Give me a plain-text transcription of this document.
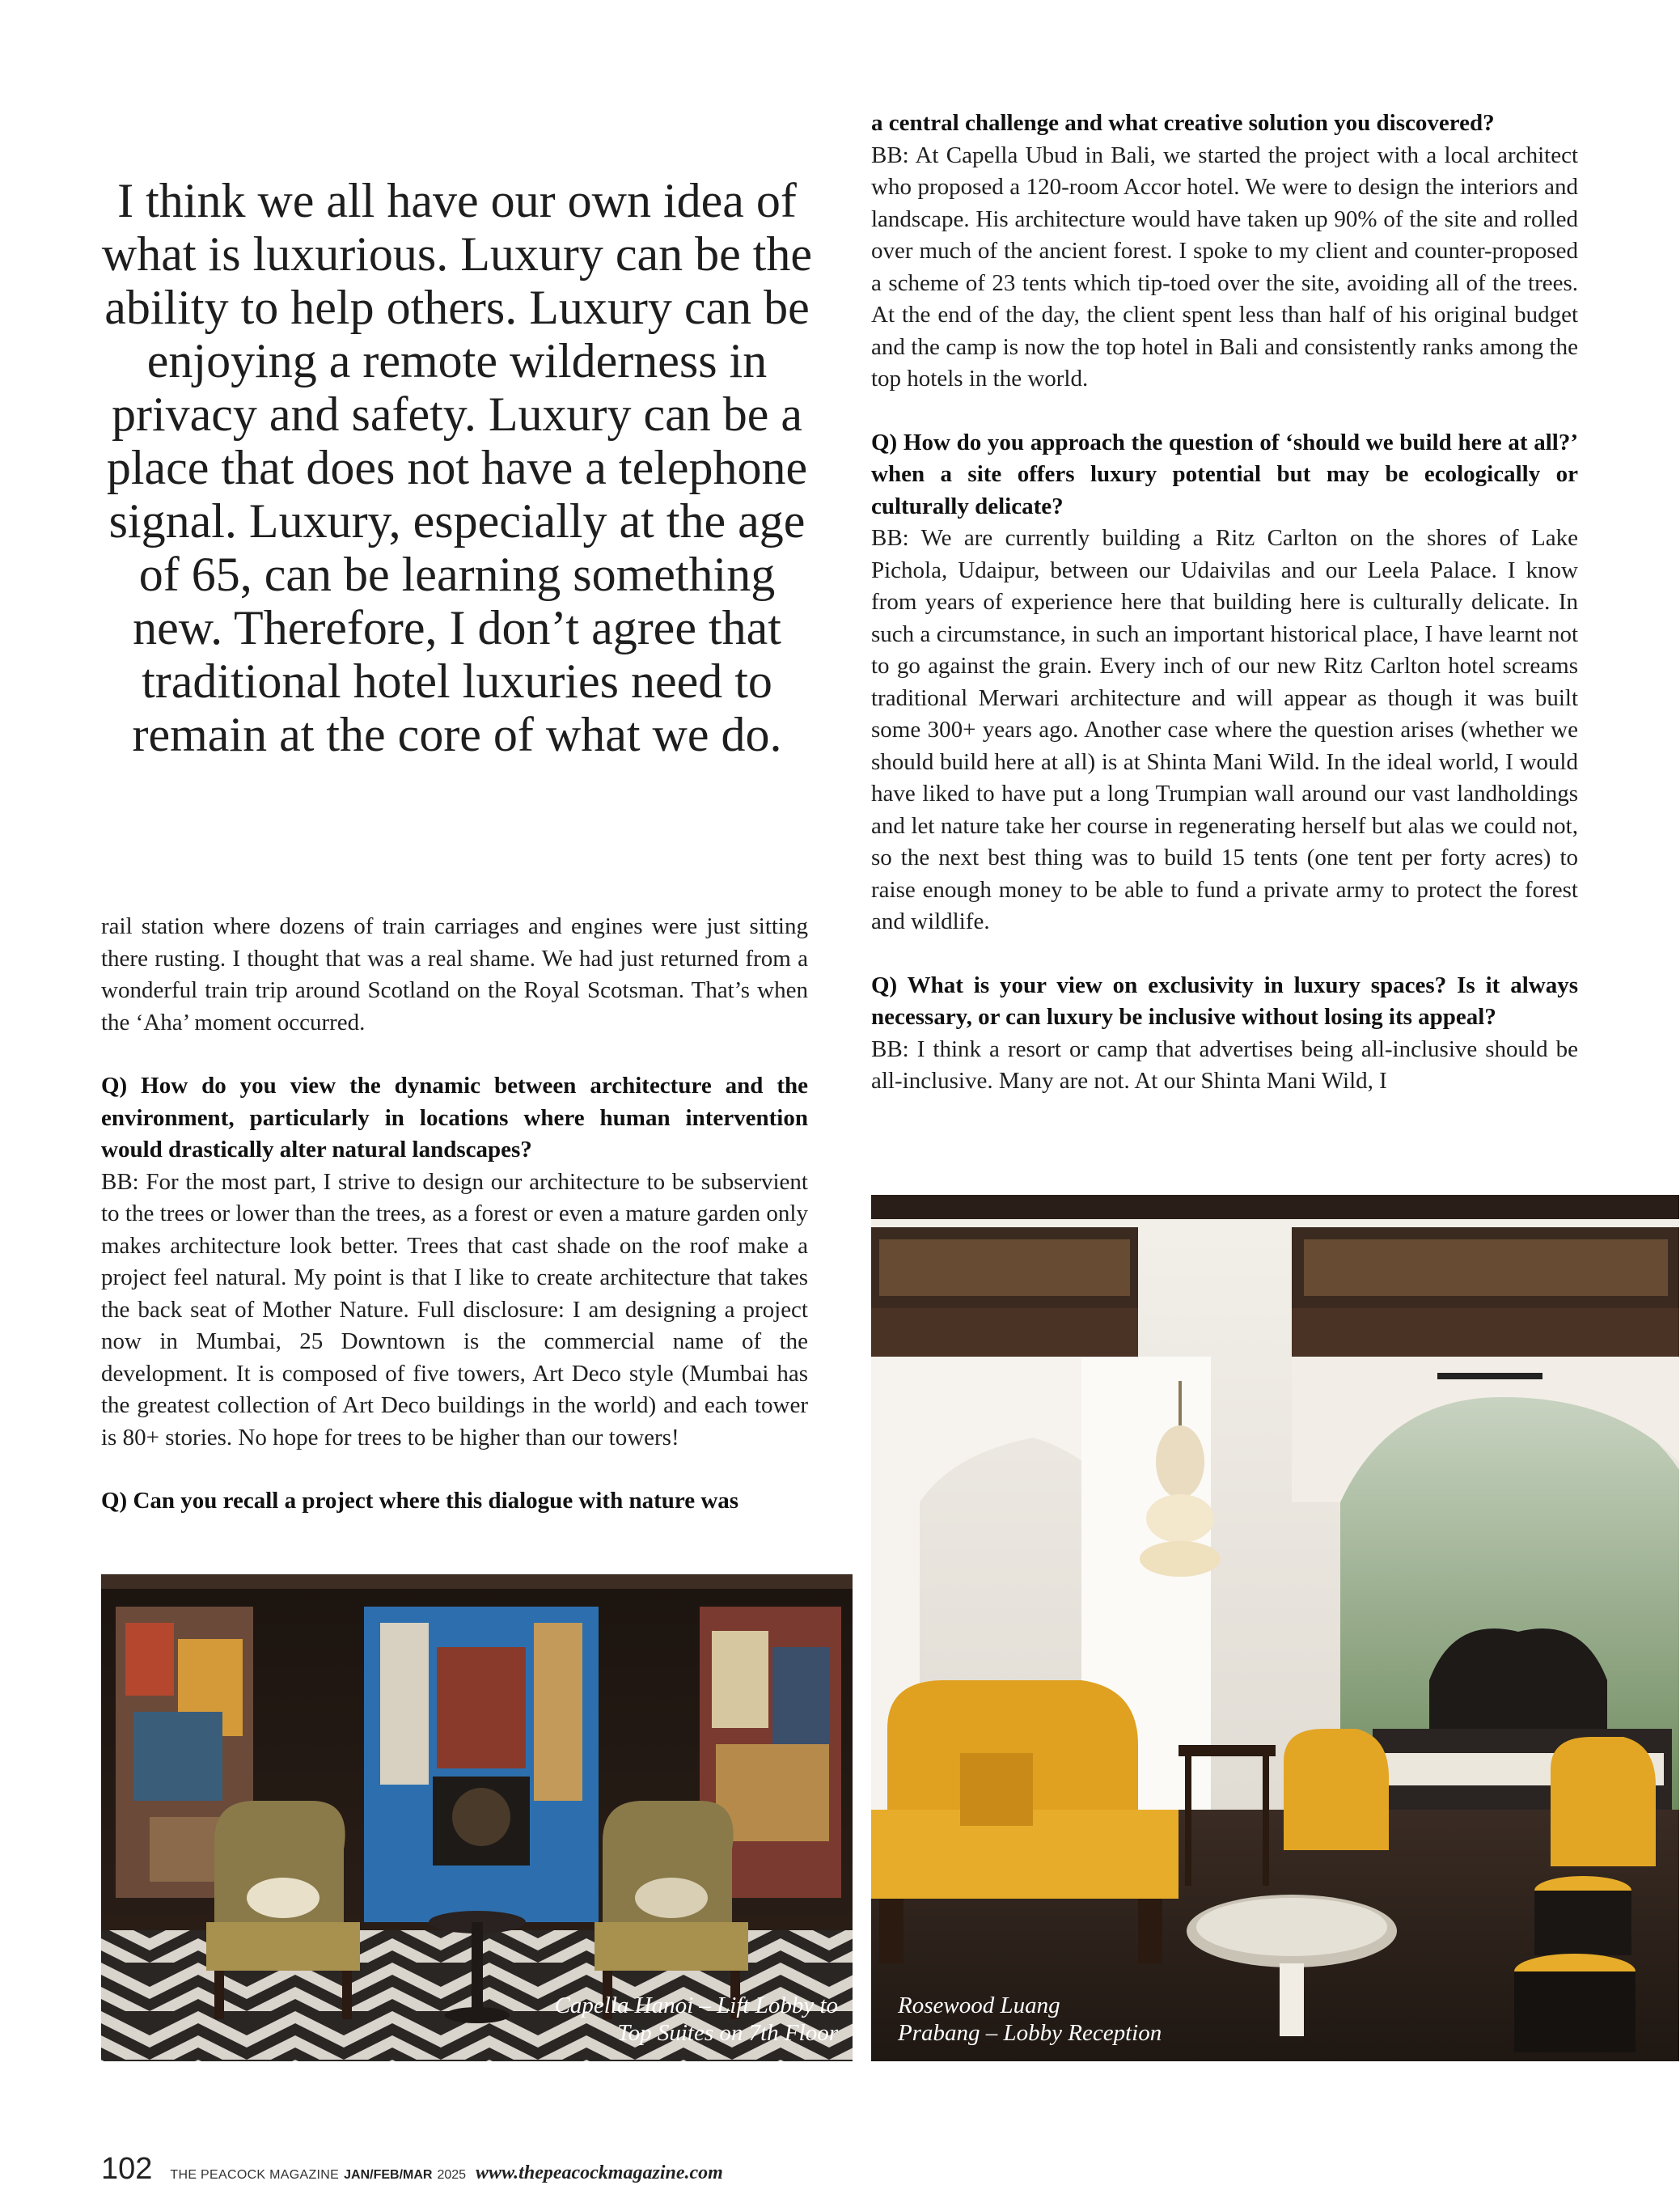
I think we all have our own idea of what is luxurious. Luxury can be the ability to help others. Luxury can be enjoying a remote wilderness in privacy and safety. Luxury can be a place that does not have a telephone signal. Luxury, especially at the age of 65, can be learning something new. Therefore, I don’t agree that traditional hotel luxuries need to remain at the core of what we do.

a central challenge and what creative solution you discovered?

BB: At Capella Ubud in Bali, we started the project with a local architect who proposed a 120-room Accor hotel. We were to design the interiors and landscape. His architecture would have taken up 90% of the site and rolled over much of the ancient forest. I spoke to my client and counter-proposed a scheme of 23 tents which tip-toed over the site, avoiding all of the trees. At the end of the day, the client spent less than half of his original budget and the camp is now the top hotel in Bali and consistently ranks among the top hotels in the world.

Q) How do you approach the question of ‘should we build here at all?’ when a site offers luxury potential but may be ecologically or culturally delicate?

BB: We are currently building a Ritz Carlton on the shores of Lake Pichola, Udaipur, between our Udaivilas and our Leela Palace. I know from years of experience here that building here is culturally delicate. In such a circumstance, in such an important historical place, I have learnt not to go against the grain. Every inch of our new Ritz Carlton hotel screams traditional Merwari architecture and will appear as though it was built some 300+ years ago. Another case where the question arises (whether we should build here at all) is at Shinta Mani Wild. In the ideal world, I would have liked to have put a long Trumpian wall around our vast landholdings and let nature take her course in regenerating herself but alas we could not, so the next best thing was to build 15 tents (one tent per forty acres) to raise enough money to be able to fund a private army to protect the forest and wildlife.

Q) What is your view on exclusivity in luxury spaces? Is it always necessary, or can luxury be inclusive without losing its appeal?

BB: I think a resort or camp that advertises being all-inclusive should be all-inclusive. Many are not. At our Shinta Mani Wild, I

rail station where dozens of train carriages and engines were just sitting there rusting. I thought that was a real shame. We had just returned from a wonderful train trip around Scotland on the Royal Scotsman. That’s when the ‘Aha’ moment occurred.

Q) How do you view the dynamic between architecture and the environment, particularly in locations where human intervention would drastically alter natural landscapes?

BB: For the most part, I strive to design our architecture to be subservient to the trees or lower than the trees, as a forest or even a mature garden only makes architecture look better. Trees that cast shade on the roof make a project feel natural. My point is that I like to create architecture that takes the back seat of Mother Nature. Full disclosure: I am designing a project now in Mumbai, 25 Downtown is the commercial name of the development. It is composed of five towers, Art Deco style (Mumbai has the greatest collection of Art Deco buildings in the world) and each tower is 80+ stories. No hope for trees to be higher than our towers!

Q) Can you recall a project where this dialogue with nature was

Capella Hanoi – Lift Lobby to
Top Suites on 7th Floor
Rosewood Luang
Prabang – Lobby Reception
102 THE PEACOCK MAGAZINE JAN/FEB/MAR 2025 www.thepeacockmagazine.com
